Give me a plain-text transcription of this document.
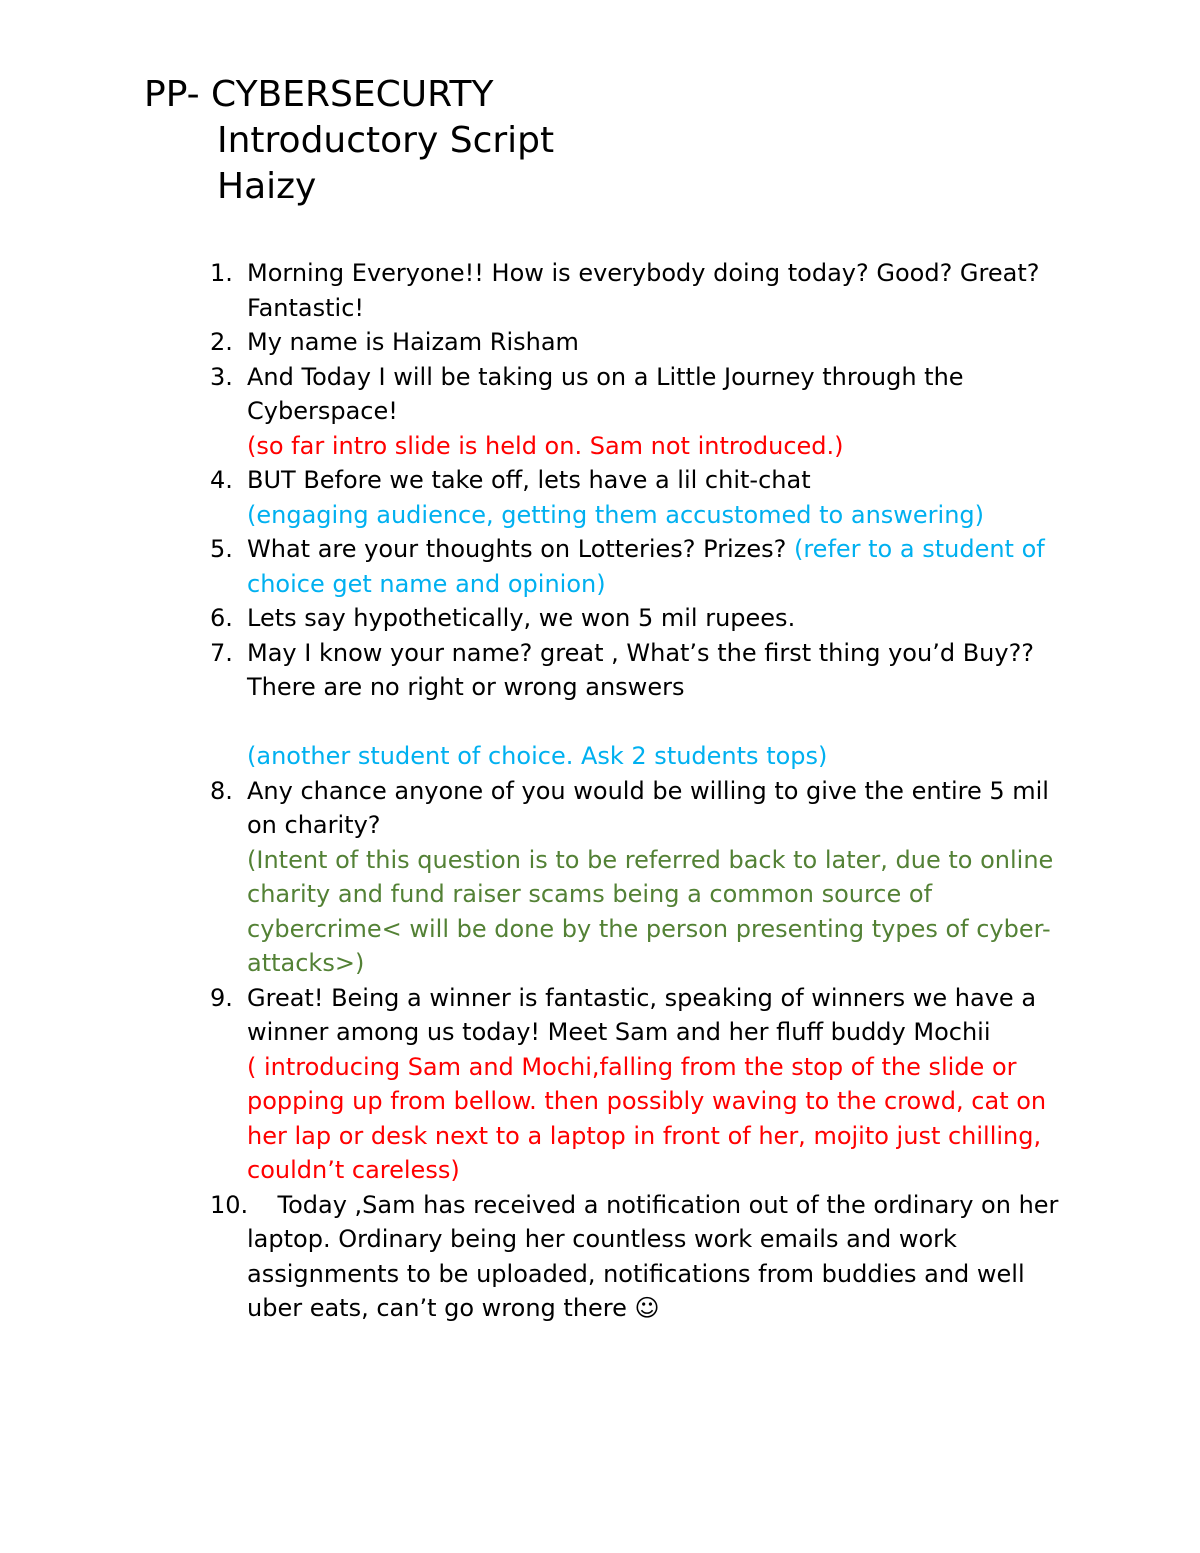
PP- CYBERSECURTY
Introductory Script
Haizy
1. Morning Everyone!! How is everybody doing today? Good? Great? Fantastic!
2. My name is Haizam Risham
3. And Today I will be taking us on a Little Journey through the Cyberspace!
(so far intro slide is held on. Sam not introduced.)
4. BUT Before we take off, lets have a lil chit-chat
(engaging audience, getting them accustomed to answering)
5. What are your thoughts on Lotteries? Prizes? (refer to a student of choice get name and opinion)
6. Lets say hypothetically, we won 5 mil rupees.
7. May I know your name? great , What’s the first thing you’d Buy?? There are no right or wrong answers
(another student of choice. Ask 2 students tops)
8. Any chance anyone of you would be willing to give the entire 5 mil on charity?
(Intent of this question is to be referred back to later, due to online charity and fund raiser scams being a common source of cybercrime< will be done by the person presenting types of cyber-attacks>)
9. Great! Being a winner is fantastic, speaking of winners we have a winner among us today! Meet Sam and her fluff buddy Mochii
( introducing Sam and Mochi,falling from the stop of the slide or popping up from bellow. then possibly waving to the crowd, cat on her lap or desk next to a laptop in front of her, mojito just chilling, couldn’t careless)
10.
Today ,Sam has received a notification out of the ordinary on her laptop. Ordinary being her countless work emails and work assignments to be uploaded, notifications from buddies and well uber eats, can’t go wrong there ☺
